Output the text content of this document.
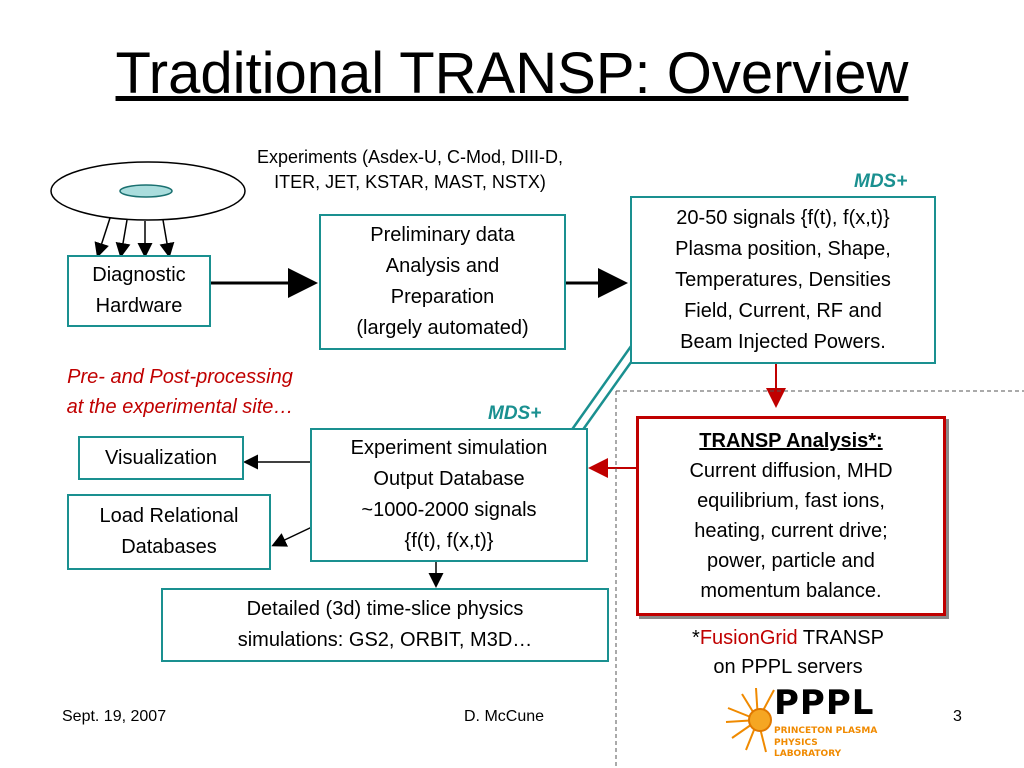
Traditional TRANSP: Overview
Experiments (Asdex-U, C-Mod, DIII-D,
ITER, JET, KSTAR, MAST, NSTX)
Diagnostic
Hardware
Preliminary data
Analysis and
Preparation
(largely automated)
MDS+
20-50 signals {f(t), f(x,t)}
Plasma position, Shape,
Temperatures, Densities
Field, Current, RF and
Beam Injected Powers.
Pre- and Post-processing
at the experimental site…	MDS+
Visualization
Load Relational
Databases
Experiment simulation
Output Database
~1000-2000 signals
{f(t), f(x,t)}
TRANSP Analysis*:
Current diffusion, MHD
equilibrium, fast ions,
heating, current drive;
power, particle and
momentum balance.
Detailed (3d) time-slice physics
simulations: GS2, ORBIT, M3D…	*FusionGrid TRANSP
on PPPL servers
Sept. 19, 2007	D. McCune	3
PPPL
PRINCETON PLASMA
PHYSICS LABORATORY
